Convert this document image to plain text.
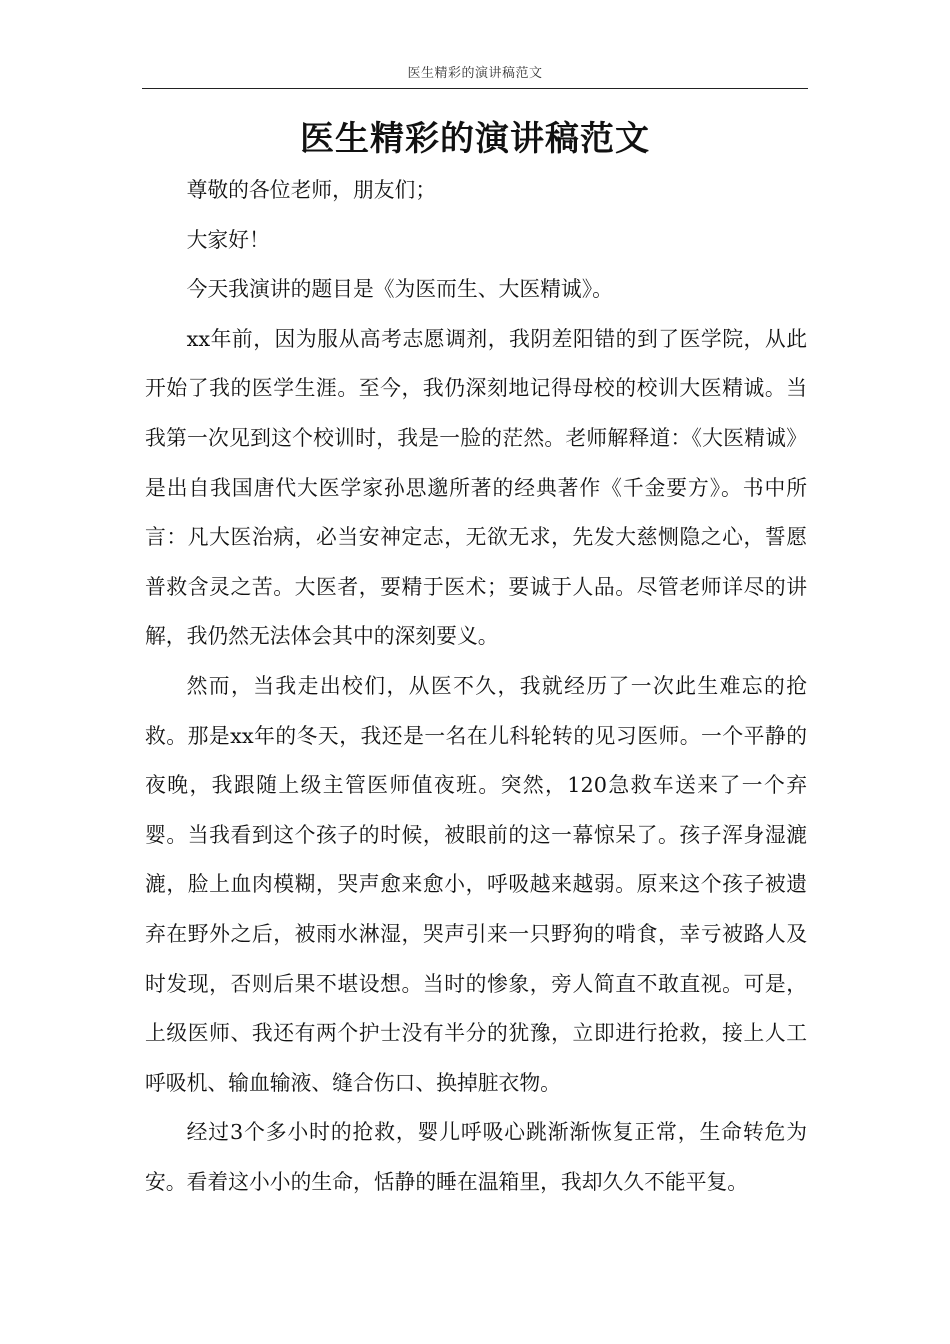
医生精彩的演讲稿范文
医生精彩的演讲稿范文

尊敬的各位老师，朋友们；

大家好！

今天我演讲的题目是《为医而生、大医精诚》。

xx年前，因为服从高考志愿调剂，我阴差阳错的到了医学院，从此开始了我的医学生涯。至今，我仍深刻地记得母校的校训大医精诚。当我第一次见到这个校训时，我是一脸的茫然。老师解释道：《大医精诚》是出自我国唐代大医学家孙思邈所著的经典著作《千金要方》。书中所言：凡大医治病，必当安神定志，无欲无求，先发大慈恻隐之心，誓愿普救含灵之苦。大医者，要精于医术；要诚于人品。尽管老师详尽的讲解，我仍然无法体会其中的深刻要义。

然而，当我走出校们，从医不久，我就经历了一次此生难忘的抢救。那是xx年的冬天，我还是一名在儿科轮转的见习医师。一个平静的夜晚，我跟随上级主管医师值夜班。突然，120急救车送来了一个弃婴。当我看到这个孩子的时候，被眼前的这一幕惊呆了。孩子浑身湿漉漉，脸上血肉模糊，哭声愈来愈小，呼吸越来越弱。原来这个孩子被遗弃在野外之后，被雨水淋湿，哭声引来一只野狗的啃食，幸亏被路人及时发现，否则后果不堪设想。当时的惨象，旁人简直不敢直视。可是，上级医师、我还有两个护士没有半分的犹豫，立即进行抢救，接上人工呼吸机、输血输液、缝合伤口、换掉脏衣物。

经过3个多小时的抢救，婴儿呼吸心跳渐渐恢复正常，生命转危为安。看着这小小的生命，恬静的睡在温箱里，我却久久不能平复。
